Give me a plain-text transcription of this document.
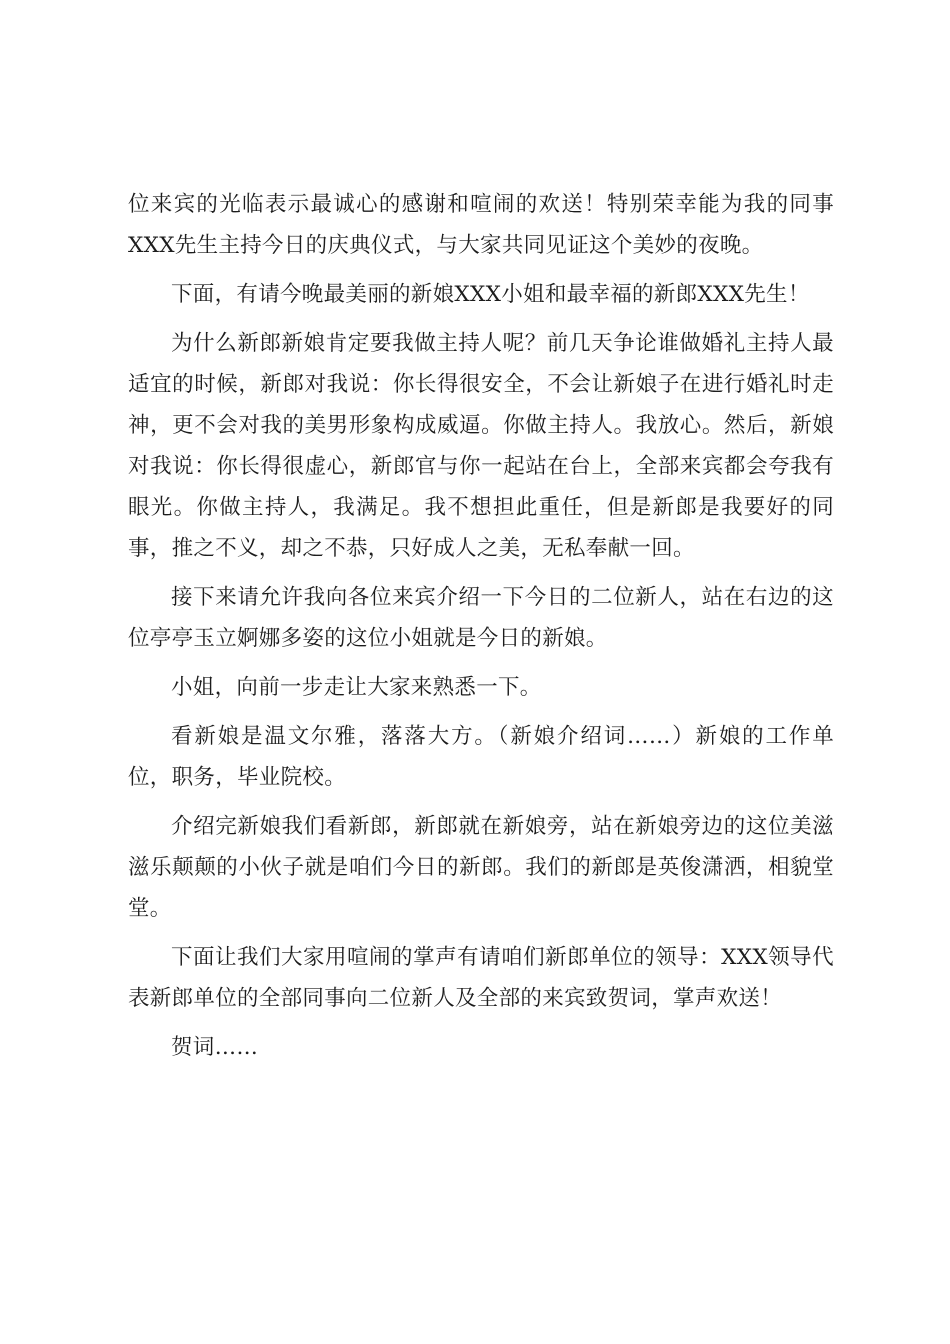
位来宾的光临表示最诚心的感谢和喧闹的欢送！特别荣幸能为我的同事XXX先生主持今日的庆典仪式，与大家共同见证这个美妙的夜晚。

下面，有请今晚最美丽的新娘XXX小姐和最幸福的新郎XXX先生！

为什么新郎新娘肯定要我做主持人呢？前几天争论谁做婚礼主持人最适宜的时候，新郎对我说：你长得很安全，不会让新娘子在进行婚礼时走神，更不会对我的美男形象构成威逼。你做主持人。我放心。然后，新娘对我说：你长得很虚心，新郎官与你一起站在台上，全部来宾都会夸我有眼光。你做主持人，我满足。我不想担此重任，但是新郎是我要好的同事，推之不义，却之不恭，只好成人之美，无私奉献一回。

接下来请允许我向各位来宾介绍一下今日的二位新人，站在右边的这位亭亭玉立婀娜多姿的这位小姐就是今日的新娘。

小姐，向前一步走让大家来熟悉一下。

看新娘是温文尔雅，落落大方。（新娘介绍词……）新娘的工作单位，职务，毕业院校。

介绍完新娘我们看新郎，新郎就在新娘旁，站在新娘旁边的这位美滋滋乐颠颠的小伙子就是咱们今日的新郎。我们的新郎是英俊潇洒，相貌堂堂。

下面让我们大家用喧闹的掌声有请咱们新郎单位的领导：XXX领导代表新郎单位的全部同事向二位新人及全部的来宾致贺词，掌声欢送！

贺词……
